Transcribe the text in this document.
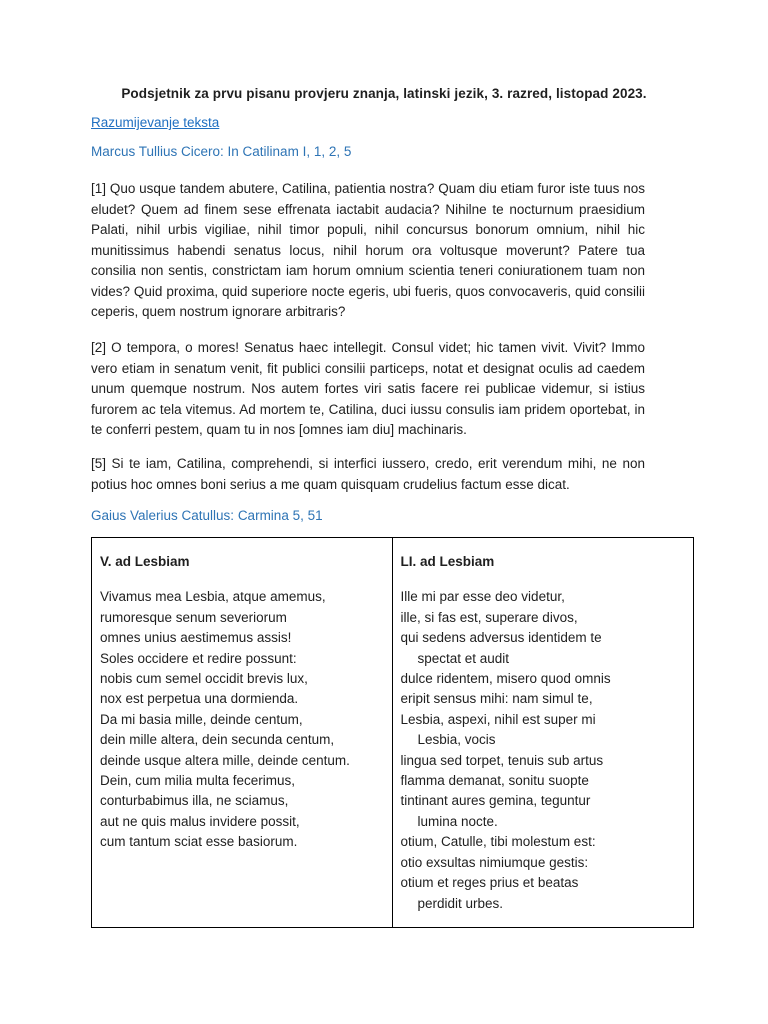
Podsjetnik za prvu pisanu provjeru znanja, latinski jezik, 3. razred, listopad 2023.
Razumijevanje teksta
Marcus Tullius Cicero: In Catilinam I, 1, 2, 5

[1] Quo usque tandem abutere, Catilina, patientia nostra? Quam diu etiam furor iste tuus nos eludet? Quem ad finem sese effrenata iactabit audacia? Nihilne te nocturnum praesidium Palati, nihil urbis vigiliae, nihil timor populi, nihil concursus bonorum omnium, nihil hic munitissimus habendi senatus locus, nihil horum ora voltusque moverunt? Patere tua consilia non sentis, constrictam iam horum omnium scientia teneri coniurationem tuam non vides? Quid proxima, quid superiore nocte egeris, ubi fueris, quos convocaveris, quid consilii ceperis, quem nostrum ignorare arbitraris?

[2] O tempora, o mores! Senatus haec intellegit. Consul videt; hic tamen vivit. Vivit? Immo vero etiam in senatum venit, fit publici consilii particeps, notat et designat oculis ad caedem unum quemque nostrum. Nos autem fortes viri satis facere rei publicae videmur, si istius furorem ac tela vitemus. Ad mortem te, Catilina, duci iussu consulis iam pridem oportebat, in te conferri pestem, quam tu in nos [omnes iam diu] machinaris.

[5] Si te iam, Catilina, comprehendi, si interfici iussero, credo, erit verendum mihi, ne non potius hoc omnes boni serius a me quam quisquam crudelius factum esse dicat.

Gaius Valerius Catullus: Carmina 5, 51
V. ad Lesbiam
Vivamus mea Lesbia, atque amemus,
rumoresque senum severiorum
omnes unius aestimemus assis!
Soles occidere et redire possunt:
nobis cum semel occidit brevis lux,
nox est perpetua una dormienda.
Da mi basia mille, deinde centum,
dein mille altera, dein secunda centum,
deinde usque altera mille, deinde centum.
Dein, cum milia multa fecerimus,
conturbabimus illa, ne sciamus,
aut ne quis malus invidere possit,
cum tantum sciat esse basiorum.
LI. ad Lesbiam
Ille mi par esse deo videtur,
ille, si fas est, superare divos,
qui sedens adversus identidem te
spectat et audit
dulce ridentem, misero quod omnis
eripit sensus mihi: nam simul te,
Lesbia, aspexi, nihil est super mi
Lesbia, vocis
lingua sed torpet, tenuis sub artus
flamma demanat, sonitu suopte
tintinant aures gemina, teguntur
lumina nocte.
otium, Catulle, tibi molestum est:
otio exsultas nimiumque gestis:
otium et reges prius et beatas
perdidit urbes.
